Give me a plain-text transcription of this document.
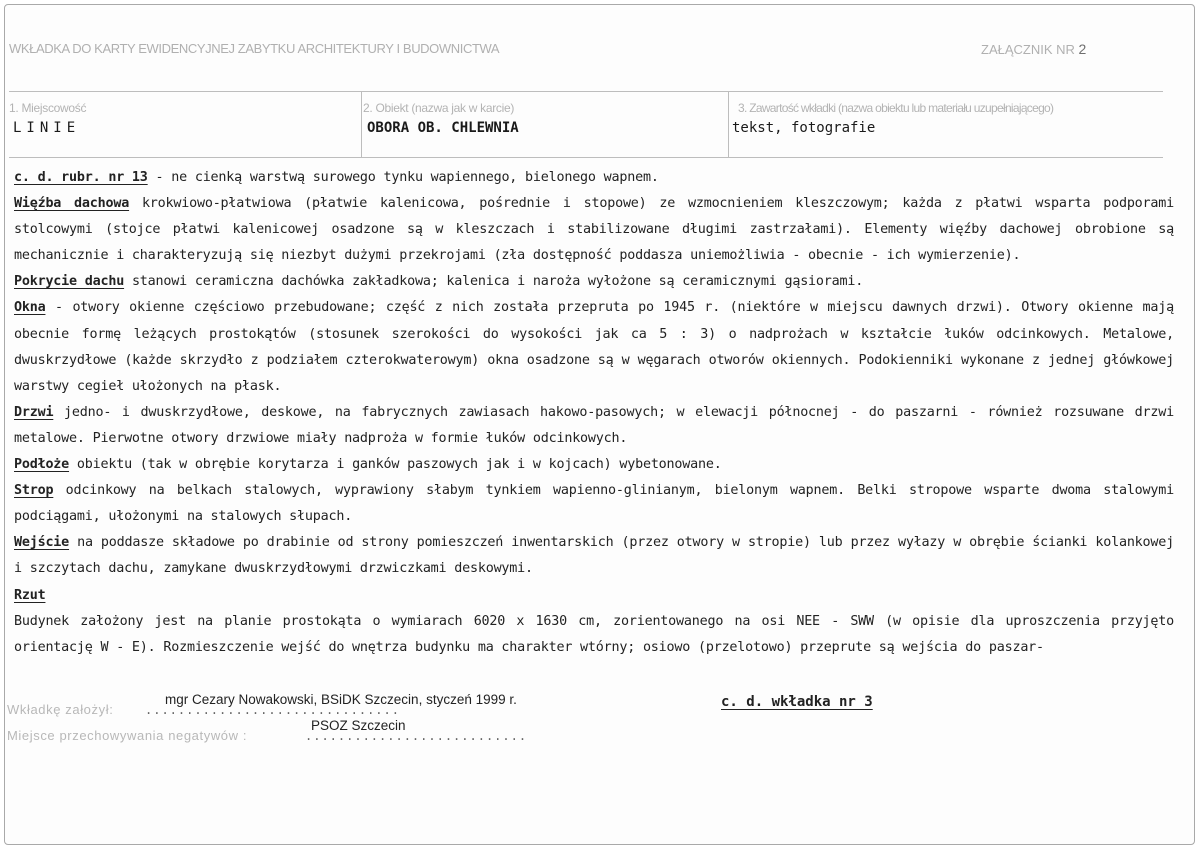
WKŁADKA DO KARTY EWIDENCYJNEJ ZABYTKU ARCHITEKTURY I BUDOWNICTWA	ZAŁĄCZNIK NR 2
1. Miejscowość
LINIE
2. Obiekt (nazwa jak w karcie)
OBORA OB. CHLEWNIA
3. Zawartość wkładki (nazwa obiektu lub materiału uzupełniającego)
tekst, fotografie

c. d. rubr. nr 13 - ne cienką warstwą surowego tynku wapiennego, bielonego wapnem.

Więźba dachowa krokwiowo-płatwiowa (płatwie kalenicowa, pośrednie i stopowe) ze wzmocnieniem kleszczowym; każda z płatwi wsparta podporami stolcowymi (stojce płatwi kalenicowej osadzone są w kleszczach i stabilizowane długimi zastrzałami). Elementy więźby dachowej obrobione są mechanicznie i charakteryzują się niezbyt dużymi przekrojami (zła dostępność poddasza uniemożliwia - obecnie - ich wymierzenie).

Pokrycie dachu stanowi ceramiczna dachówka zakładkowa; kalenica i naroża wyłożone są ceramicznymi gąsiorami.

Okna - otwory okienne częściowo przebudowane; część z nich została przepruta po 1945 r. (niektóre w miejscu dawnych drzwi). Otwory okienne mają obecnie formę leżących prostokątów (stosunek szerokości do wysokości jak ca 5 : 3) o nadprożach w kształcie łuków odcinkowych. Metalowe, dwuskrzydłowe (każde skrzydło z podziałem czterokwaterowym) okna osadzone są w węgarach otworów okiennych. Podokienniki wykonane z jednej główkowej warstwy cegieł ułożonych na płask.

Drzwi jedno- i dwuskrzydłowe, deskowe, na fabrycznych zawiasach hakowo-pasowych; w elewacji północnej - do paszarni - również rozsuwane drzwi metalowe. Pierwotne otwory drzwiowe miały nadproża w formie łuków odcinkowych.

Podłoże obiektu (tak w obrębie korytarza i ganków paszowych jak i w kojcach) wybetonowane.

Strop odcinkowy na belkach stalowych, wyprawiony słabym tynkiem wapienno-glinianym, bielonym wapnem. Belki stropowe wsparte dwoma stalowymi podciągami, ułożonymi na stalowych słupach.

Wejście na poddasze składowe po drabinie od strony pomieszczeń inwentarskich (przez otwory w stropie) lub przez wyłazy w obrębie ścianki kolankowej i szczytach dachu, zamykane dwuskrzydłowymi drzwiczkami deskowymi.

Rzut

Budynek założony jest na planie prostokąta o wymiarach 6020 x 1630 cm, zorientowanego na osi NEE - SWW (w opisie dla uproszczenia przyjęto orientację W - E). Rozmieszczenie wejść do wnętrza budynku ma charakter wtórny; osiowo (przelotowo) przeprute są wejścia do paszar-

Wkładkę założył:	...............................
mgr Cezary Nowakowski, BSiDK Szczecin, styczeń 1999 r.
Miejsce przechowywania negatywów :	...........................
PSOZ Szczecin
c. d. wkładka nr 3
